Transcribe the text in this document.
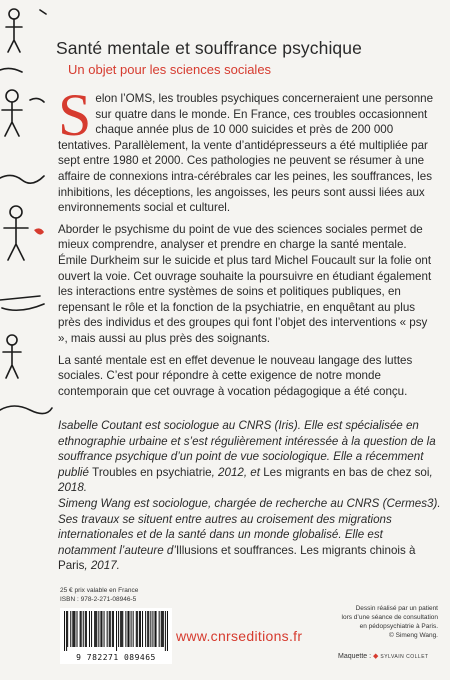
Santé mentale et souffrance psychique
Un objet pour les sciences sociales

Selon l’OMS, les troubles psychiques concerneraient une personne sur quatre dans le monde. En France, ces troubles occasionnent chaque année plus de 10 000 suicides et près de 200 000 tentatives. Parallèlement, la vente d’antidépresseurs a été multipliée par sept entre 1980 et 2000. Ces pathologies ne peuvent se résumer à une affaire de connexions intra-cérébrales car les peines, les souffrances, les inhibitions, les déceptions, les angoisses, les peurs sont aussi liées aux environnements social et culturel.

Aborder le psychisme du point de vue des sciences sociales permet de mieux comprendre, analyser et prendre en charge la santé mentale. Émile Durkheim sur le suicide et plus tard Michel Foucault sur la folie ont ouvert la voie. Cet ouvrage souhaite la poursuivre en étudiant également les interactions entre systèmes de soins et politiques publiques, en repensant le rôle et la fonction de la psychiatrie, en enquêtant au plus près des individus et des groupes qui font l’objet des interventions « psy », mais aussi au plus près des soignants.

La santé mentale est en effet devenue le nouveau langage des luttes sociales. C’est pour répondre à cette exigence de notre monde contemporain que cet ouvrage à vocation pédagogique a été conçu.

Isabelle Coutant est sociologue au CNRS (Iris). Elle est spécialisée en ethnographie urbaine et s’est régulièrement intéressée à la question de la souffrance psychique d’un point de vue sociologique. Elle a récemment publié Troubles en psychiatrie, 2012, et Les migrants en bas de chez soi, 2018.

Simeng Wang est sociologue, chargée de recherche au CNRS (Cermes3). Ses travaux se situent entre autres au croisement des migrations internationales et de la santé dans un monde globalisé. Elle est notamment l’auteure d’Illusions et souffrances. Les migrants chinois à Paris, 2017.

25 € prix valable en France
ISBN : 978-2-271-08946-5
9 782271 089465
www.cnrseditions.fr
Dessin réalisé par un patient
lors d’une séance de consultation
en pédopsychiatrie à Paris.
© Simeng Wang.
Maquette : ◆ SYLVAIN COLLET
